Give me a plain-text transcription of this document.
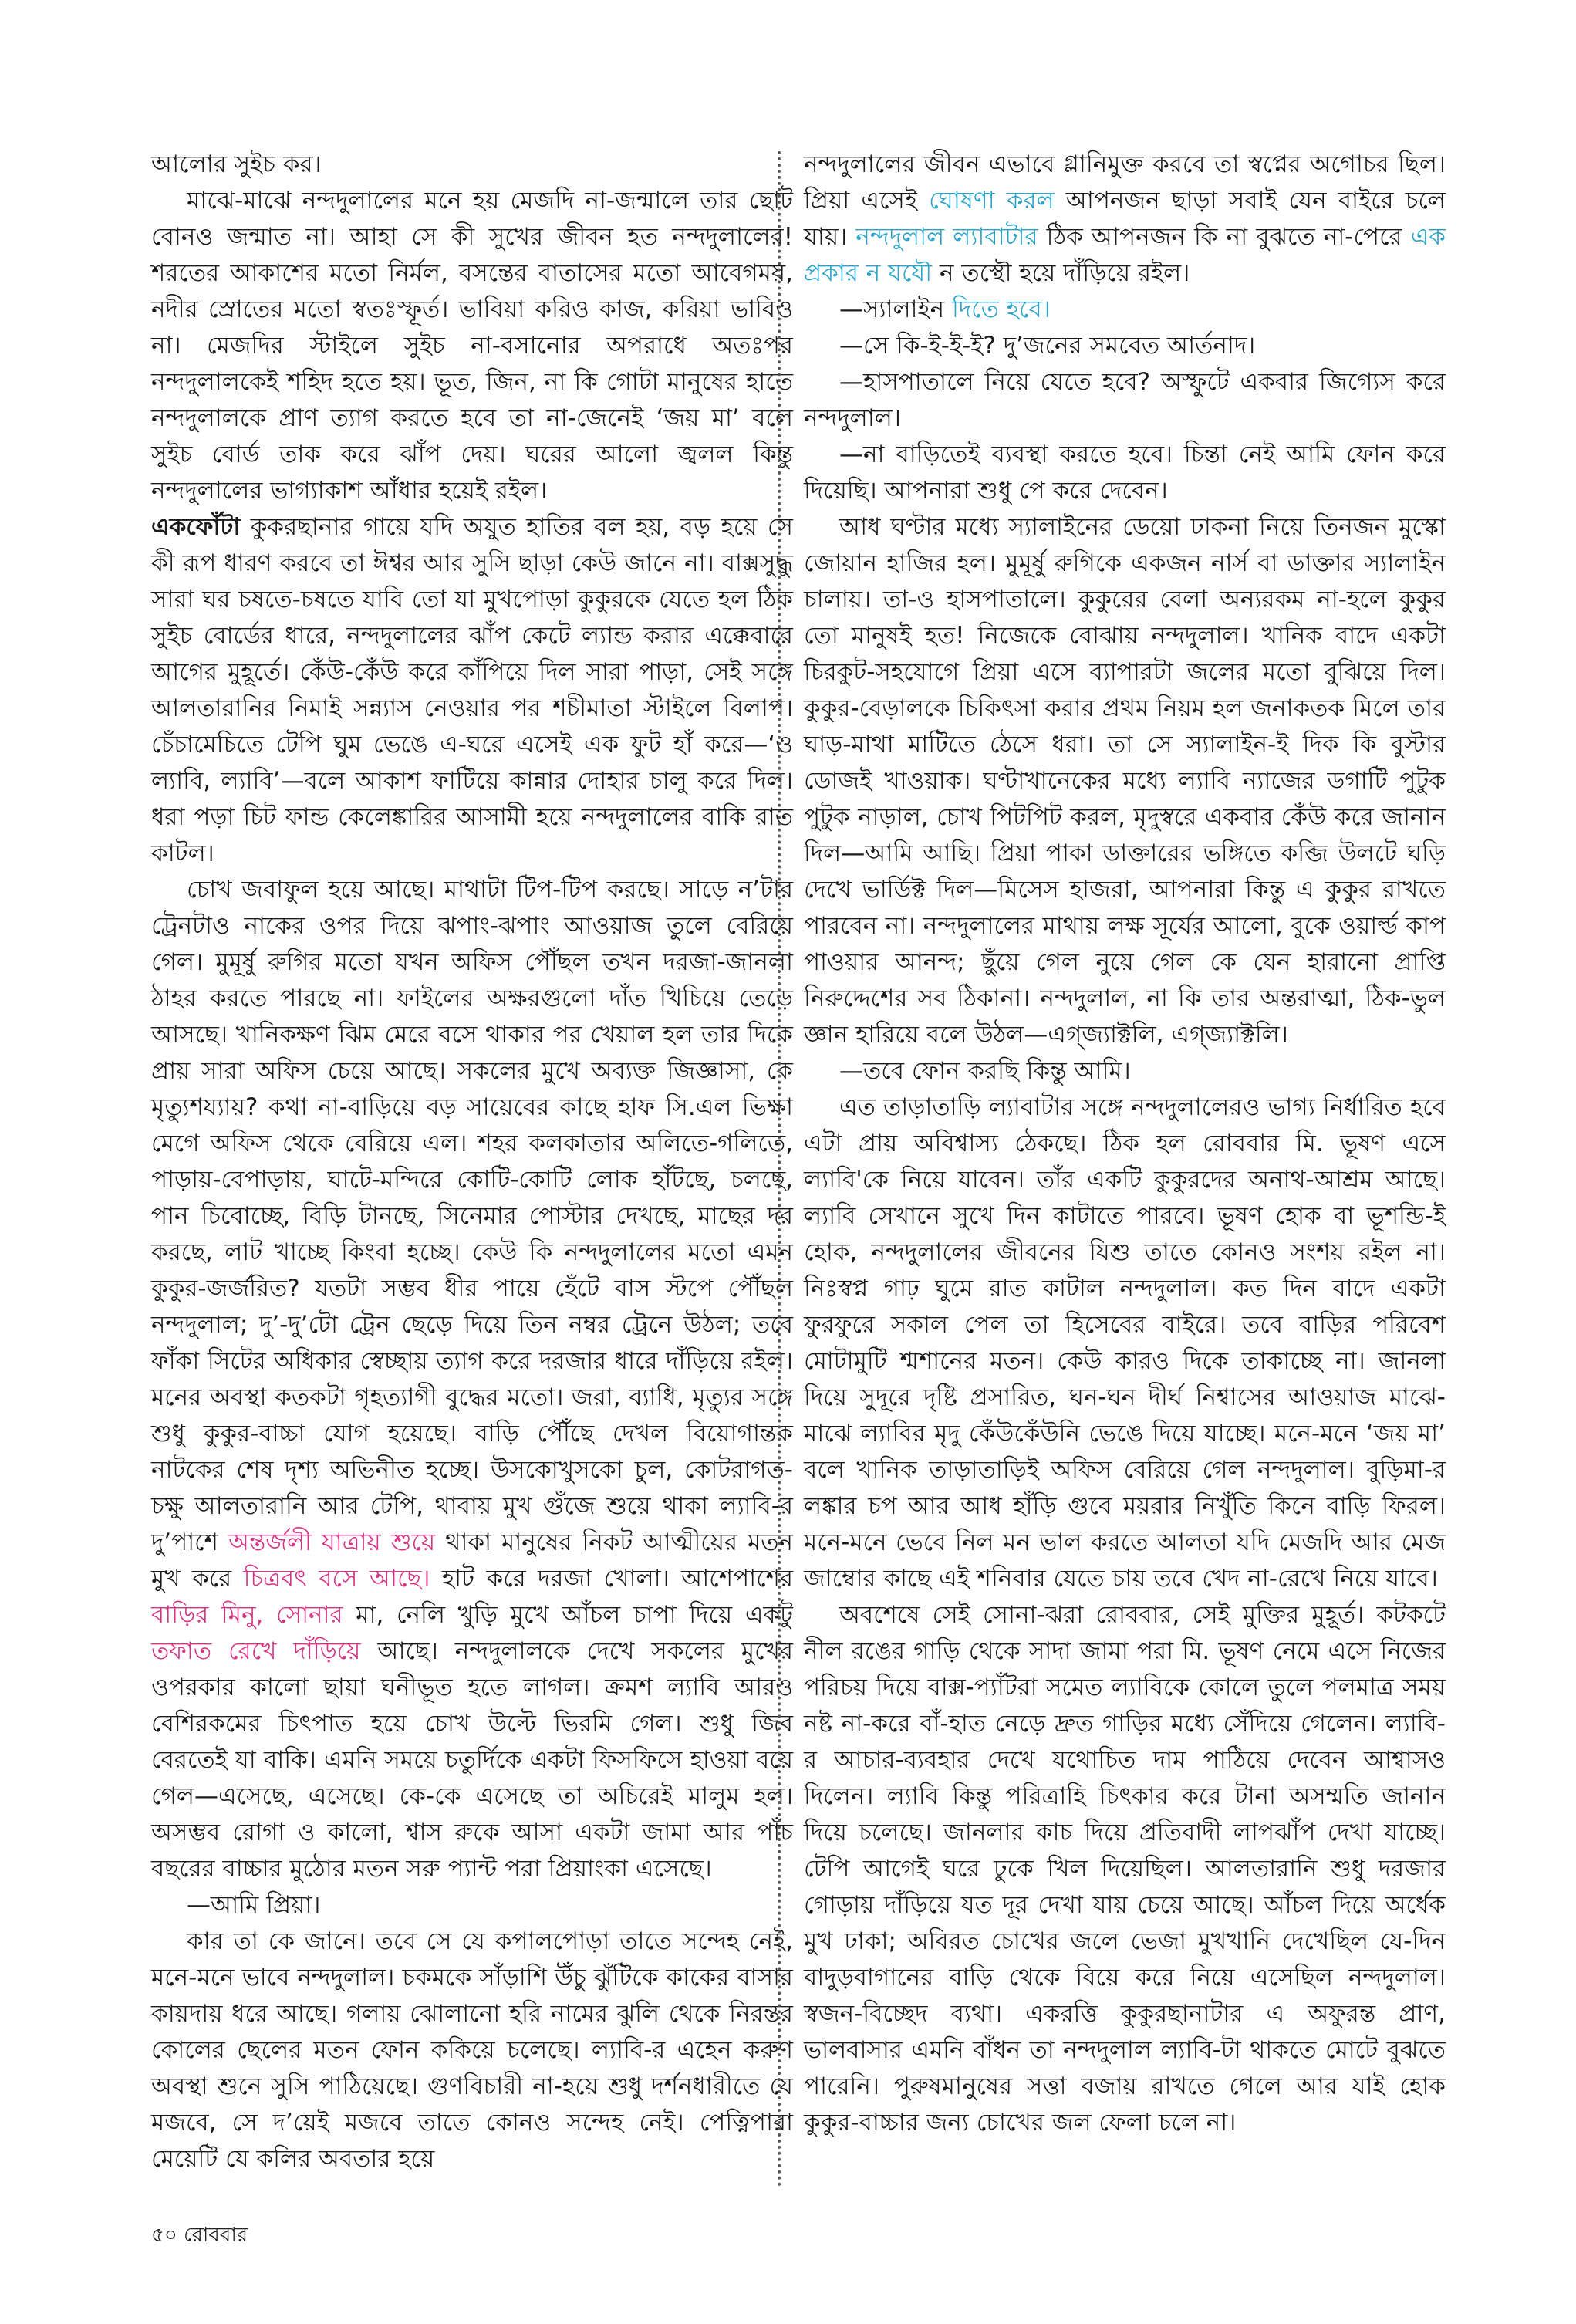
আলোর সুইচ কর।

মাঝে-মাঝে নন্দদুলালের মনে হয় মেজদি না-জন্মালে তার ছোট বোনও জন্মাত না। আহা সে কী সুখের জীবন হত নন্দদুলালের! শরতের আকাশের মতো নির্মল, বসন্তের বাতাসের মতো আবেগময়, নদীর স্রোতের মতো স্বতঃস্ফূর্ত। ভাবিয়া করিও কাজ, করিয়া ভাবিও না। মেজদির স্টাইলে সুইচ না-বসানোর অপরাধে অতঃপর নন্দদুলালকেই শহিদ হতে হয়। ভূত, জিন, না কি গোটা মানুষের হাতে নন্দদুলালকে প্রাণ ত্যাগ করতে হবে তা না-জেনেই ‘জয় মা’ বলে সুইচ বোর্ড তাক করে ঝাঁপ দেয়। ঘরের আলো জ্বলল কিন্তু নন্দদুলালের ভাগ্যাকাশ আঁধার হয়েই রইল।

একফোঁটা কুকরছানার গায়ে যদি অযুত হাতির বল হয়, বড় হয়ে সে কী রূপ ধারণ করবে তা ঈশ্বর আর সুসি ছাড়া কেউ জানে না। বাক্সসুদ্ধু সারা ঘর চষতে-চষতে যাবি তো যা মুখপোড়া কুকুরকে যেতে হল ঠিক সুইচ বোর্ডের ধারে, নন্দদুলালের ঝাঁপ কেটে ল্যান্ড করার এক্কেবারে আগের মুহূর্তে। কেঁউ-কেঁউ করে কাঁপিয়ে দিল সারা পাড়া, সেই সঙ্গে আলতারানির নিমাই সন্ন্যাস নেওয়ার পর শচীমাতা স্টাইলে বিলাপ। চেঁচামেচিতে টেপি ঘুম ভেঙে এ-ঘরে এসেই এক ফুট হাঁ করে—‘ও ল্যাবি, ল্যাবি’—বলে আকাশ ফাটিয়ে কান্নার দোহার চালু করে দিল। ধরা পড়া চিট ফান্ড কেলেঙ্কারির আসামী হয়ে নন্দদুলালের বাকি রাত কাটল।

চোখ জবাফুল হয়ে আছে। মাথাটা টিপ-টিপ করছে। সাড়ে ন’টার ট্রেনটাও নাকের ওপর দিয়ে ঝপাং-ঝপাং আওয়াজ তুলে বেরিয়ে গেল। মুমূর্ষু রুগির মতো যখন অফিস পৌঁছল তখন দরজা-জানলা ঠাহর করতে পারছে না। ফাইলের অক্ষরগুলো দাঁত খিচিয়ে তেড়ে আসছে। খানিকক্ষণ ঝিম মেরে বসে থাকার পর খেয়াল হল তার দিকে প্রায় সারা অফিস চেয়ে আছে। সকলের মুখে অব্যক্ত জিজ্ঞাসা, কে মৃত্যুশয্যায়? কথা না-বাড়িয়ে বড় সায়েবের কাছে হাফ সি.এল ভিক্ষা মেগে অফিস থেকে বেরিয়ে এল। শহর কলকাতার অলিতে-গলিতে, পাড়ায়-বেপাড়ায়, ঘাটে-মন্দিরে কোটি-কোটি লোক হাঁটছে, চলছে, পান চিবোচ্ছে, বিড়ি টানছে, সিনেমার পোস্টার দেখছে, মাছের দর করছে, লাট খাচ্ছে কিংবা হচ্ছে। কেউ কি নন্দদুলালের মতো এমন কুকুর-জর্জরিত? যতটা সম্ভব ধীর পায়ে হেঁটে বাস স্টপে পৌঁছল নন্দদুলাল; দু’-দু’টো ট্রেন ছেড়ে দিয়ে তিন নম্বর ট্রেনে উঠল; তবে ফাঁকা সিটের অধিকার স্বেচ্ছায় ত্যাগ করে দরজার ধারে দাঁড়িয়ে রইল। মনের অবস্থা কতকটা গৃহত্যাগী বুদ্ধের মতো। জরা, ব্যাধি, মৃত্যুর সঙ্গে শুধু কুকুর-বাচ্চা যোগ হয়েছে। বাড়ি পৌঁছে দেখল বিয়োগান্তক নাটকের শেষ দৃশ্য অভিনীত হচ্ছে। উসকোখুসকো চুল, কোটরাগত-চক্ষু আলতারানি আর টেপি, থাবায় মুখ গুঁজে শুয়ে থাকা ল্যাবি-র দু’পাশে অন্তর্জলী যাত্রায় শুয়ে থাকা মানুষের নিকট আত্মীয়ের মতন মুখ করে চিত্রবৎ বসে আছে। হাট করে দরজা খোলা। আশেপাশের বাড়ির মিনু, সোনার মা, নেলি খুড়ি মুখে আঁচল চাপা দিয়ে একটু তফাত রেখে দাঁড়িয়ে আছে। নন্দদুলালকে দেখে সকলের মুখের ওপরকার কালো ছায়া ঘনীভূত হতে লাগল। ক্রমশ ল্যাবি আরও বেশিরকমের চিৎপাত হয়ে চোখ উল্টে ভিরমি গেল। শুধু জিব বেরতেই যা বাকি। এমনি সময়ে চতুর্দিকে একটা ফিসফিসে হাওয়া বয়ে গেল—এসেছে, এসেছে। কে-কে এসেছে তা অচিরেই মালুম হল। অসম্ভব রোগা ও কালো, শ্বাস রুকে আসা একটা জামা আর পাঁচ বছরের বাচ্চার মুঠোর মতন সরু প্যান্ট পরা প্রিয়াংকা এসেছে।

—আমি প্রিয়া।

কার তা কে জানে। তবে সে যে কপালপোড়া তাতে সন্দেহ নেই, মনে-মনে ভাবে নন্দদুলাল। চকমকে সাঁড়াশি উঁচু ঝুঁটিকে কাকের বাসার কায়দায় ধরে আছে। গলায় ঝোলানো হরি নামের ঝুলি থেকে নিরন্তর কোলের ছেলের মতন ফোন ককিয়ে চলেছে। ল্যাবি-র এহেন করুণ অবস্থা শুনে সুসি পাঠিয়েছে। গুণবিচারী না-হয়ে শুধু দর্শনধারীতে যে মজবে, সে দ’য়েই মজবে তাতে কোনও সন্দেহ নেই। পেত্নিপারা মেয়েটি যে কলির অবতার হয়ে

নন্দদুলালের জীবন এভাবে গ্লানিমুক্ত করবে তা স্বপ্নের অগোচর ছিল। প্রিয়া এসেই ঘোষণা করল আপনজন ছাড়া সবাই যেন বাইরে চলে যায়। নন্দদুলাল ল্যাবাটার ঠিক আপনজন কি না বুঝতে না-পেরে এক প্রকার ন যযৌ ন তস্থৌ হয়ে দাঁড়িয়ে রইল।

—স্যালাইন দিতে হবে।

—সে কি-ই-ই-ই? দু’জনের সমবেত আর্তনাদ।

—হাসপাতালে নিয়ে যেতে হবে? অস্ফুটে একবার জিগ্যেস করে নন্দদুলাল।

—না বাড়িতেই ব্যবস্থা করতে হবে। চিন্তা নেই আমি ফোন করে দিয়েছি। আপনারা শুধু পে করে দেবেন।

আধ ঘণ্টার মধ্যে স্যালাইনের ডেয়ো ঢাকনা নিয়ে তিনজন মুস্কো জোয়ান হাজির হল। মুমূর্ষু রুগিকে একজন নার্স বা ডাক্তার স্যালাইন চালায়। তা-ও হাসপাতালে। কুকুরের বেলা অন্যরকম না-হলে কুকুর তো মানুষই হত! নিজেকে বোঝায় নন্দদুলাল। খানিক বাদে একটা চিরকুট-সহযোগে প্রিয়া এসে ব্যাপারটা জলের মতো বুঝিয়ে দিল। কুকুর-বেড়ালকে চিকিৎসা করার প্রথম নিয়ম হল জনাকতক মিলে তার ঘাড়-মাথা মাটিতে ঠেসে ধরা। তা সে স্যালাইন-ই দিক কি বুস্টার ডোজই খাওয়াক। ঘণ্টাখানেকের মধ্যে ল্যাবি ন্যাজের ডগাটি পুটুক পুটুক নাড়াল, চোখ পিটপিট করল, মৃদুস্বরে একবার কেঁউ করে জানান দিল—আমি আছি। প্রিয়া পাকা ডাক্তারের ভঙ্গিতে কব্জি উলটে ঘড়ি দেখে ভার্ডিক্ট দিল—মিসেস হাজরা, আপনারা কিন্তু এ কুকুর রাখতে পারবেন না। নন্দদুলালের মাথায় লক্ষ সূর্যের আলো, বুকে ওয়ার্ল্ড কাপ পাওয়ার আনন্দ; ছুঁয়ে গেল নুয়ে গেল কে যেন হারানো প্রাপ্তি নিরুদ্দেশের সব ঠিকানা। নন্দদুলাল, না কি তার অন্তরাত্মা, ঠিক-ভুল জ্ঞান হারিয়ে বলে উঠল—এগ্‌জ্যাক্টলি, এগ্‌জ্যাক্টলি।

—তবে ফোন করছি কিন্তু আমি।

এত তাড়াতাড়ি ল্যাবাটার সঙ্গে নন্দদুলালেরও ভাগ্য নির্ধারিত হবে এটা প্রায় অবিশ্বাস্য ঠেকছে। ঠিক হল রোববার মি. ভূষণ এসে ল্যাবি'কে নিয়ে যাবেন। তাঁর একটি কুকুরদের অনাথ-আশ্রম আছে। ল্যাবি সেখানে সুখে দিন কাটাতে পারবে। ভূষণ হোক বা ভূশন্ডি-ই হোক, নন্দদুলালের জীবনের যিশু তাতে কোনও সংশয় রইল না। নিঃস্বপ্ন গাঢ় ঘুমে রাত কাটাল নন্দদুলাল। কত দিন বাদে একটা ফুরফুরে সকাল পেল তা হিসেবের বাইরে। তবে বাড়ির পরিবেশ মোটামুটি শ্মশানের মতন। কেউ কারও দিকে তাকাচ্ছে না। জানলা দিয়ে সুদূরে দৃষ্টি প্রসারিত, ঘন-ঘন দীর্ঘ নিশ্বাসের আওয়াজ মাঝে-মাঝে ল্যাবির মৃদু কেঁউকেঁউনি ভেঙে দিয়ে যাচ্ছে। মনে-মনে ‘জয় মা’ বলে খানিক তাড়াতাড়িই অফিস বেরিয়ে গেল নন্দদুলাল। বুড়িমা-র লঙ্কার চপ আর আধ হাঁড়ি গুবে ময়রার নিখুঁতি কিনে বাড়ি ফিরল। মনে-মনে ভেবে নিল মন ভাল করতে আলতা যদি মেজদি আর মেজ জাম্বোর কাছে এই শনিবার যেতে চায় তবে খেদ না-রেখে নিয়ে যাবে।

অবশেষে সেই সোনা-ঝরা রোববার, সেই মুক্তির মুহূর্ত। কটকটে নীল রঙের গাড়ি থেকে সাদা জামা পরা মি. ভূষণ নেমে এসে নিজের পরিচয় দিয়ে বাক্স-প্যাঁটরা সমেত ল্যাবিকে কোলে তুলে পলমাত্র সময় নষ্ট না-করে বাঁ-হাত নেড়ে দ্রুত গাড়ির মধ্যে সেঁদিয়ে গেলেন। ল্যাবি-র আচার-ব্যবহার দেখে যথোচিত দাম পাঠিয়ে দেবেন আশ্বাসও দিলেন। ল্যাবি কিন্তু পরিত্রাহি চিৎকার করে টানা অসম্মতি জানান দিয়ে চলেছে। জানলার কাচ দিয়ে প্রতিবাদী লাপঝাঁপ দেখা যাচ্ছে। টেপি আগেই ঘরে ঢুকে খিল দিয়েছিল। আলতারানি শুধু দরজার গোড়ায় দাঁড়িয়ে যত দূর দেখা যায় চেয়ে আছে। আঁচল দিয়ে অর্ধেক মুখ ঢাকা; অবিরত চোখের জলে ভেজা মুখখানি দেখেছিল যে-দিন বাদুড়বাগানের বাড়ি থেকে বিয়ে করে নিয়ে এসেছিল নন্দদুলাল। স্বজন-বিচ্ছেদ ব্যথা। একরত্তি কুকুরছানাটার এ অফুরন্ত প্রাণ, ভালবাসার এমনি বাঁধন তা নন্দদুলাল ল্যাবি-টা থাকতে মোটে বুঝতে পারেনি। পুরুষমানুষের সত্তা বজায় রাখতে গেলে আর যাই হোক কুকুর-বাচ্চার জন্য চোখের জল ফেলা চলে না।

৫০ রোববার
